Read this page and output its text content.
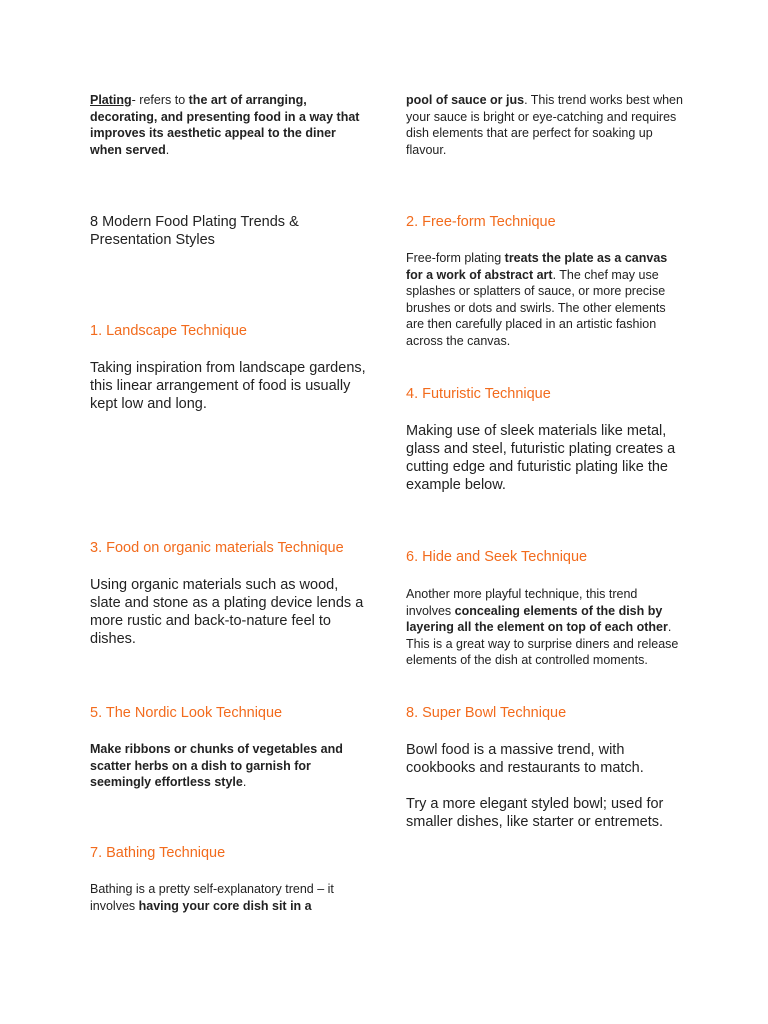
Plating- refers to the art of arranging, decorating, and presenting food in a way that improves its aesthetic appeal to the diner when served.

8 Modern Food Plating Trends & Presentation Styles

1. Landscape Technique

Taking inspiration from landscape gardens, this linear arrangement of food is usually kept low and long.

3. Food on organic materials Technique

Using organic materials such as wood, slate and stone as a plating device lends a more rustic and back-to-nature feel to dishes.

5. The Nordic Look Technique

Make ribbons or chunks of vegetables and scatter herbs on a dish to garnish for seemingly effortless style.

7. Bathing Technique

Bathing is a pretty self-explanatory trend – it involves having your core dish sit in a

pool of sauce or jus. This trend works best when your sauce is bright or eye-catching and requires dish elements that are perfect for soaking up flavour.

2. Free-form Technique

Free-form plating treats the plate as a canvas for a work of abstract art. The chef may use splashes or splatters of sauce, or more precise brushes or dots and swirls. The other elements are then carefully placed in an artistic fashion across the canvas.

4. Futuristic Technique

Making use of sleek materials like metal, glass and steel, futuristic plating creates a cutting edge and futuristic plating like the example below.

6. Hide and Seek Technique

Another more playful technique, this trend involves concealing elements of the dish by layering all the element on top of each other. This is a great way to surprise diners and release elements of the dish at controlled moments.

8. Super Bowl Technique

Bowl food is a massive trend, with cookbooks and restaurants to match.

Try a more elegant styled bowl; used for smaller dishes, like starter or entremets.
